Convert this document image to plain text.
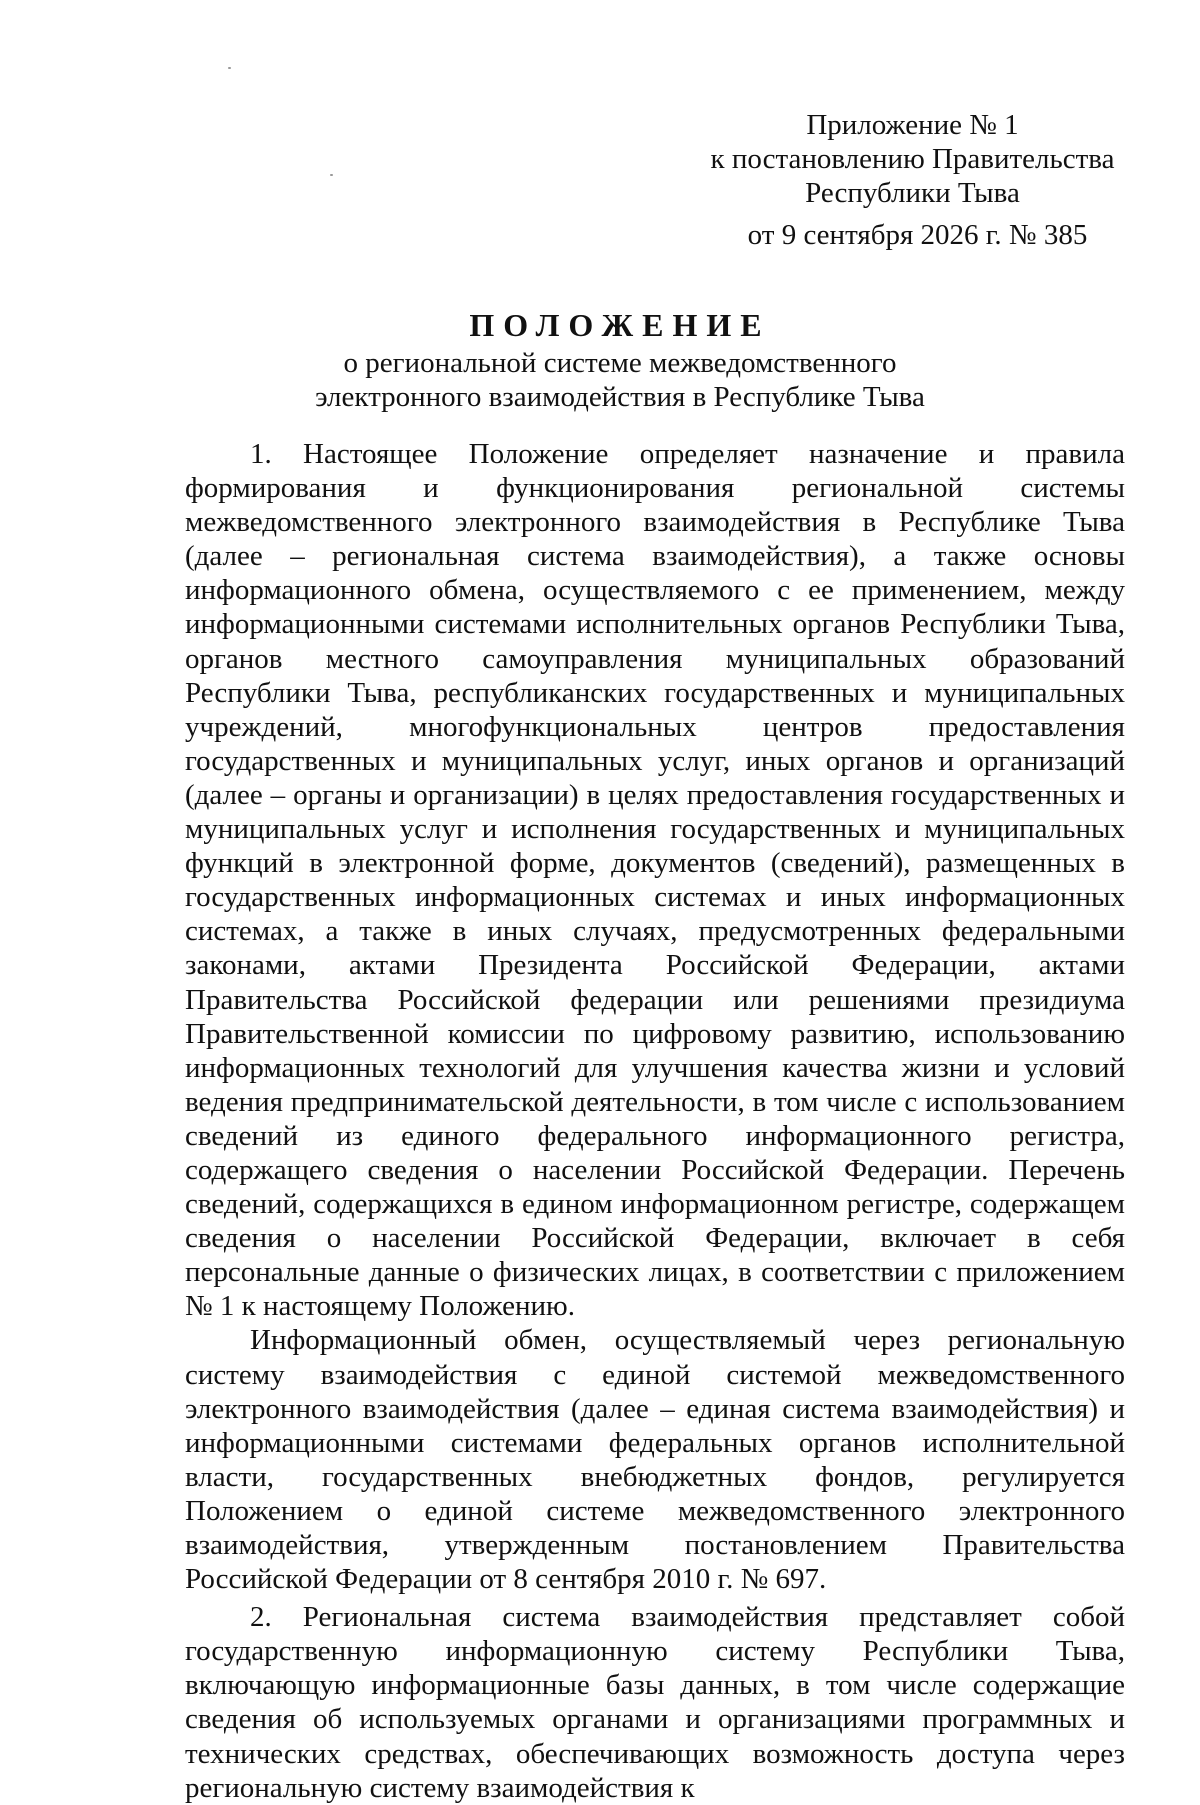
Приложение № 1
к постановлению Правительства
Республики Тыва
от 9 сентября 2026 г. № 385
ПОЛОЖЕНИЕ
о региональной системе межведомственного
электронного взаимодействия в Республике Тыва

1. Настоящее Положение определяет назначение и правила формирования и функционирования региональной системы межведомственного электронного взаимодействия в Республике Тыва (далее – региональная система взаимодействия), а также основы информационного обмена, осуществляемого с ее применением, между информационными системами исполнительных органов Республики Тыва, органов местного самоуправления муниципальных образований Республики Тыва, республиканских государственных и муниципальных учреждений, многофункциональных центров предоставления государственных и муниципальных услуг, иных органов и организаций (далее – органы и организации) в целях предоставления государственных и муниципальных услуг и исполнения государственных и муниципальных функций в электронной форме, документов (сведений), размещенных в государственных информационных системах и иных информационных системах, а также в иных случаях, предусмотренных федеральными законами, актами Президента Российской Федерации, актами Правительства Российской федерации или решениями президиума Правительственной комиссии по цифровому развитию, использованию информационных технологий для улучшения качества жизни и условий ведения предпринимательской деятельности, в том числе с использованием сведений из единого федерального информационного регистра, содержащего сведения о населении Российской Федерации. Перечень сведений, содержащихся в едином информационном регистре, содержащем сведения о населении Российской Федерации, включает в себя персональные данные о физических лицах, в соответствии с приложением № 1 к настоящему Положению.

Информационный обмен, осуществляемый через региональную систему взаимодействия с единой системой межведомственного электронного взаимодействия (далее – единая система взаимодействия) и информационными системами федеральных органов исполнительной власти, государственных внебюджетных фондов, регулируется Положением о единой системе межведомственного электронного взаимодействия, утвержденным постановлением Правительства Российской Федерации от 8 сентября 2010 г. № 697.

2. Региональная система взаимодействия представляет собой государственную информационную систему Республики Тыва, включающую информационные базы данных, в том числе содержащие сведения об используемых органами и организациями программных и технических средствах, обеспечивающих возможность доступа через региональную систему взаимодействия к
